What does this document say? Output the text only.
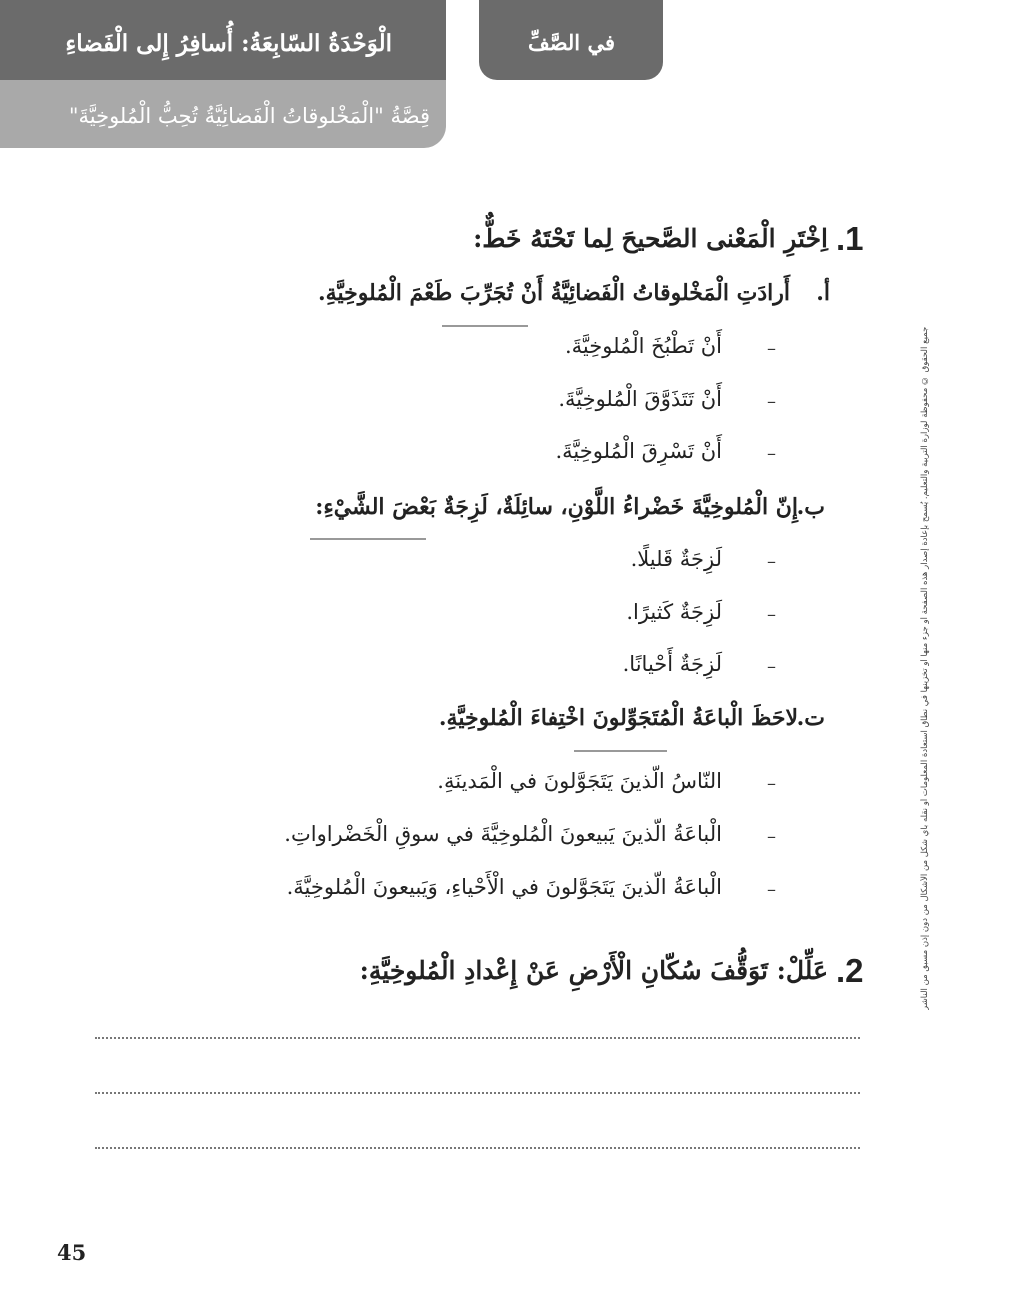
الْوَحْدَةُ السّابِعَةُ: أُسافِرُ إِلى الْفَضاءِ
قِصَّةُ "الْمَخْلوقاتُ الْفَضائِيَّةُ تُحِبُّ الْمُلوخِيَّةَ"
في الصَّفِّ
جميع الحقوق © محفوظة لوزارة التربية والتعليم. يُسمح بإعادة إصدار هذه الصفحة أو جزء منها أو تخزينها في نطاق استعادة المعلومات أو نقله بأي شكل من الأشكال من دون إذن مسبق من الناشر
.1
اِخْتَرِ الْمَعْنى الصَّحيحَ لِما تَحْتَهُ خَطٌّ:
أ.
أَرادَتِ الْمَخْلوقاتُ الْفَضائِيَّةُ أَنْ تُجَرِّبَ طَعْمَ الْمُلوخِيَّةِ.
–
أَنْ تَطْبُخَ الْمُلوخِيَّةَ.
–
أَنْ تَتَذَوَّقَ الْمُلوخِيَّةَ.
–
أَنْ تَسْرِقَ الْمُلوخِيَّةَ.
ب.
إِنّ الْمُلوخِيَّةَ خَضْراءُ اللَّوْنِ، سائِلَةٌ، لَزِجَةٌ بَعْضَ الشَّيْءِ:
–
لَزِجَةٌ قَليلًا.
–
لَزِجَةٌ كَثيرًا.
–
لَزِجَةٌ أَحْيانًا.
ت.
لاحَظَ الْباعَةُ الْمُتَجَوِّلونَ اخْتِفاءَ الْمُلوخِيَّةِ.
–
النّاسُ الّذينَ يَتَجَوَّلونَ في الْمَدينَةِ.
–
الْباعَةُ الّذينَ يَبيعونَ الْمُلوخِيَّةَ في سوقِ الْخَضْراواتِ.
–
الْباعَةُ الّذينَ يَتَجَوَّلونَ في الْأَحْياءِ، وَيَبيعونَ الْمُلوخِيَّةَ.
.2
عَلِّلْ: تَوَقُّفَ سُكّانِ الْأَرْضِ عَنْ إِعْدادِ الْمُلوخِيَّةِ:
45
